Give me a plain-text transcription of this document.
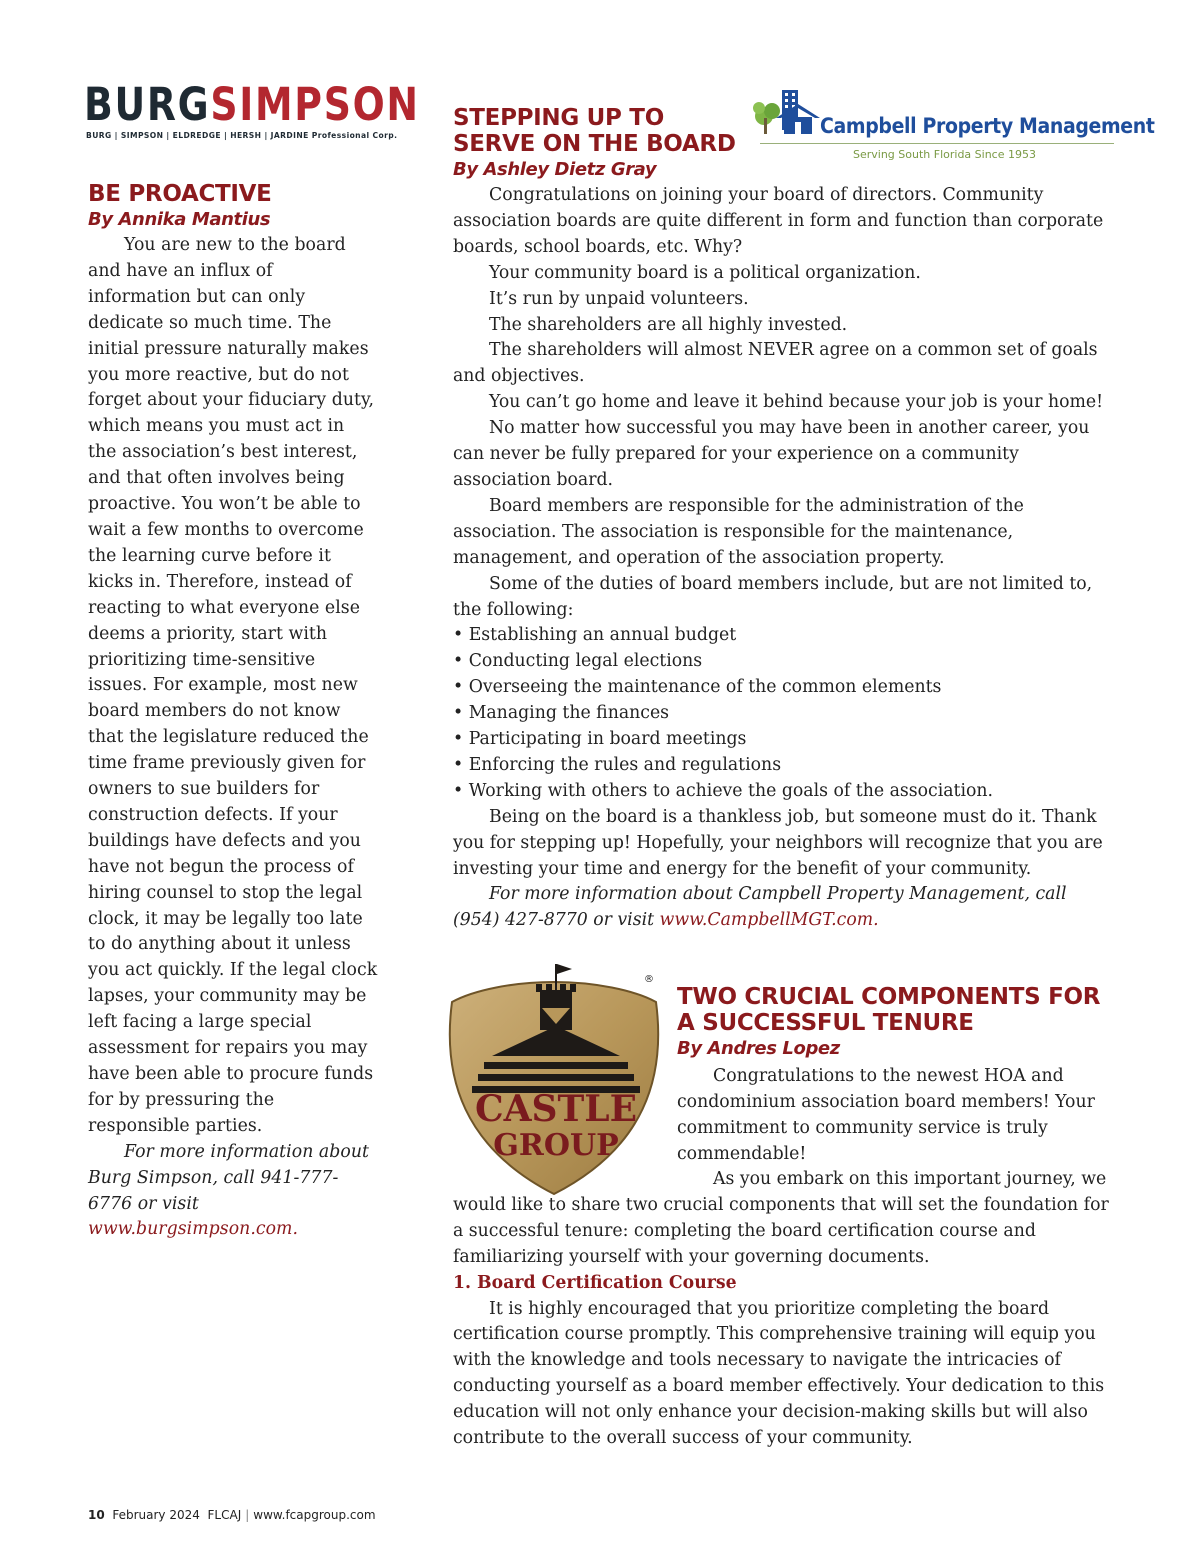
BURGSIMPSON
BURG | SIMPSON | ELDREDGE | HERSH | JARDINE Professional Corp.
BE PROACTIVE

By Annika Mantius

You are new to the board and have an influx of information but can only dedicate so much time. The initial pressure naturally makes you more reactive, but do not forget about your fiduciary duty, which means you must act in the association’s best interest, and that often involves being proactive. You won’t be able to wait a few months to overcome the learning curve before it kicks in. Therefore, instead of reacting to what everyone else deems a priority, start with prioritizing time-sensitive issues. For example, most new board members do not know that the legislature reduced the time frame previously given for owners to sue builders for construction defects. If your buildings have defects and you have not begun the process of hiring counsel to stop the legal clock, it may be legally too late to do anything about it unless you act quickly. If the legal clock lapses, your community may be left facing a large special assessment for repairs you may have been able to procure funds for by pressuring the responsible parties.

For more information about Burg Simpson, call 941-777-6776 or visit www.burgsimpson.com.

Campbell Property Management
Serving South Florida Since 1953
STEPPING UP TO SERVE ON THE BOARD

By Ashley Dietz Gray

Congratulations on joining your board of directors. Community association boards are quite different in form and function than corporate boards, school boards, etc. Why?

Your community board is a political organization.

It’s run by unpaid volunteers.

The shareholders are all highly invested.

The shareholders will almost NEVER agree on a common set of goals and objectives.

You can’t go home and leave it behind because your job is your home!

No matter how successful you may have been in another career, you can never be fully prepared for your experience on a community association board.

Board members are responsible for the administration of the association. The association is responsible for the maintenance, management, and operation of the association property.

Some of the duties of board members include, but are not limited to, the following:

• Establishing an annual budget
• Conducting legal elections
• Overseeing the maintenance of the common elements
• Managing the finances
• Participating in board meetings
• Enforcing the rules and regulations
• Working with others to achieve the goals of the association.

Being on the board is a thankless job, but someone must do it. Thank you for stepping up! Hopefully, your neighbors will recognize that you are investing your time and energy for the benefit of your community.

For more information about Campbell Property Management, call (954) 427-8770 or visit www.CampbellMGT.com.

CASTLE
GROUP
®
TWO CRUCIAL COMPONENTS FOR A SUCCESSFUL TENURE

By Andres Lopez

Congratulations to the newest HOA and condominium association board members! Your commitment to community service is truly commendable!

As you embark on this important journey, we would like to share two crucial components that will set the foundation for a successful tenure: completing the board certification course and familiarizing yourself with your governing documents.

1. Board Certification Course

It is highly encouraged that you prioritize completing the board certification course promptly. This comprehensive training will equip you with the knowledge and tools necessary to navigate the intricacies of conducting yourself as a board member effectively. Your dedication to this education will not only enhance your decision-making skills but will also contribute to the overall success of your community.

10 February 2024 FLCAJ | www.fcapgroup.com
